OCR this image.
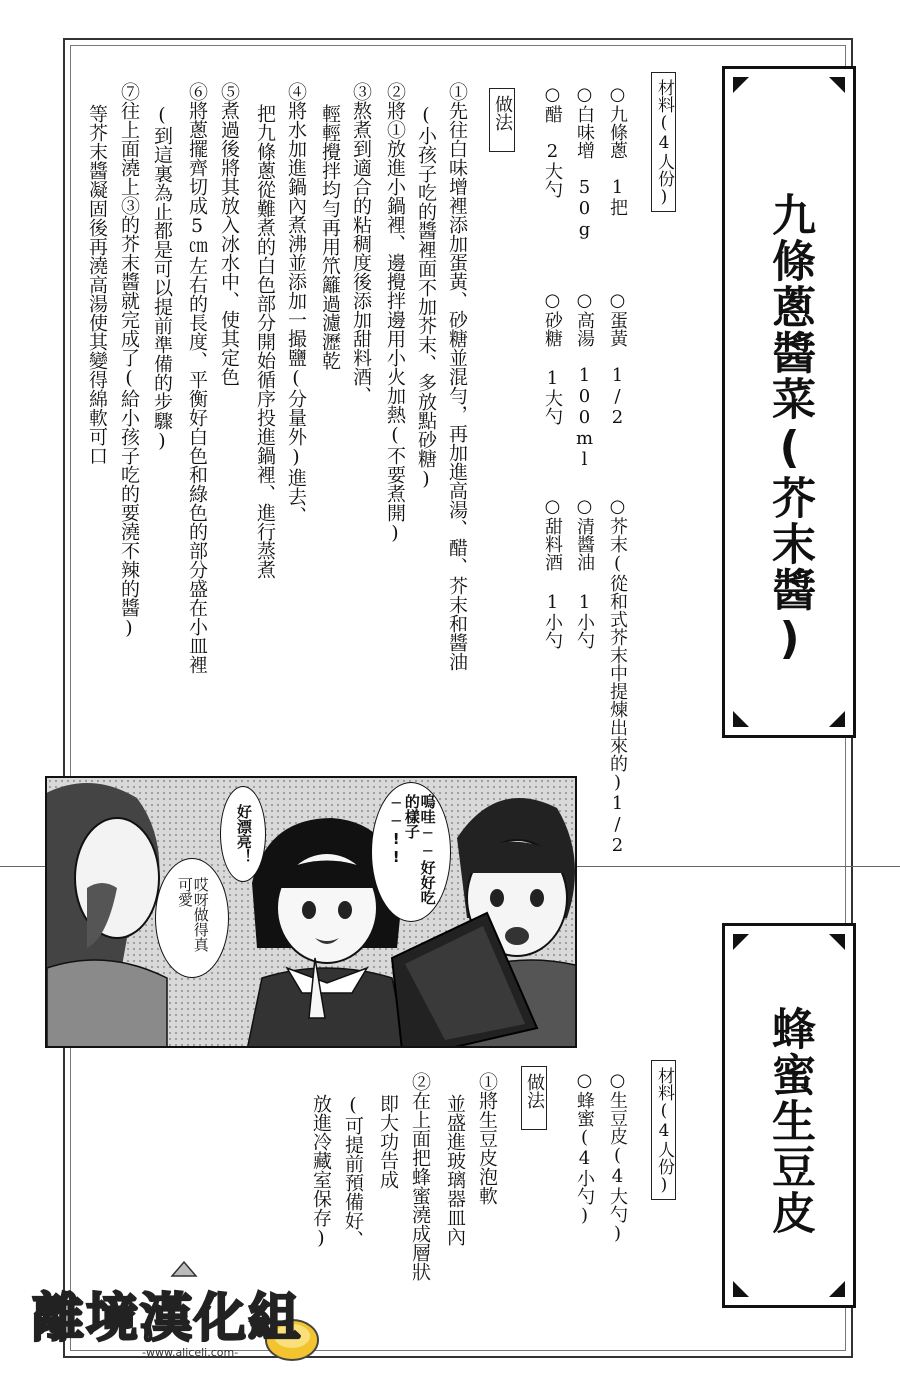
九條蔥醬菜(芥末醬)
材料(4人份)
○九條蔥　1把
○白味增　50g
○醋　2大勺
○蛋黃　1/2
○高湯　100ml
○砂糖 1大勺
○芥末(從和式芥末中提煉出來的)1/2
○清醬油 1小勺
○甜料酒 1小勺
做法
①先往白味增裡添加蛋黃、砂糖並混勻，再加進高湯、醋、芥末和醬油
(小孩子吃的醬裡面不加芥末、多放點砂糖)
②將①放進小鍋裡、邊攪拌邊用小火加熱(不要煮開)
③熬煮到適合的粘稠度後添加甜料酒、
輕輕攪拌均勻再用笊籬過濾瀝乾
④將水加進鍋內煮沸並添加一撮鹽(分量外)進去、
把九條蔥從難煮的白色部分開始循序投進鍋裡、進行蒸煮
⑤煮過後將其放入冰水中、使其定色
⑥將蔥擺齊切成5㎝左右的長度、平衡好白色和綠色的部分盛在小皿裡
(到這裏為止都是可以提前準備的步驟)
⑦往上面澆上③的芥末醬就完成了(給小孩子吃的要澆不辣的醬)
等芥末醬凝固後再澆高湯使其變得綿軟可口
好漂亮！	嗚哇──好好吃的樣子──!!
哎呀做得真可愛
蜂蜜生豆皮
材料(4人份)
○生豆皮(4大勺)
○蜂蜜(4小勺)
做法
①將生豆皮泡軟
並盛進玻璃器皿內
②在上面把蜂蜜澆成層狀
即大功告成
(可提前預備好、
放進冷藏室保存)
離境漢化組
-www.alicelj.com-
